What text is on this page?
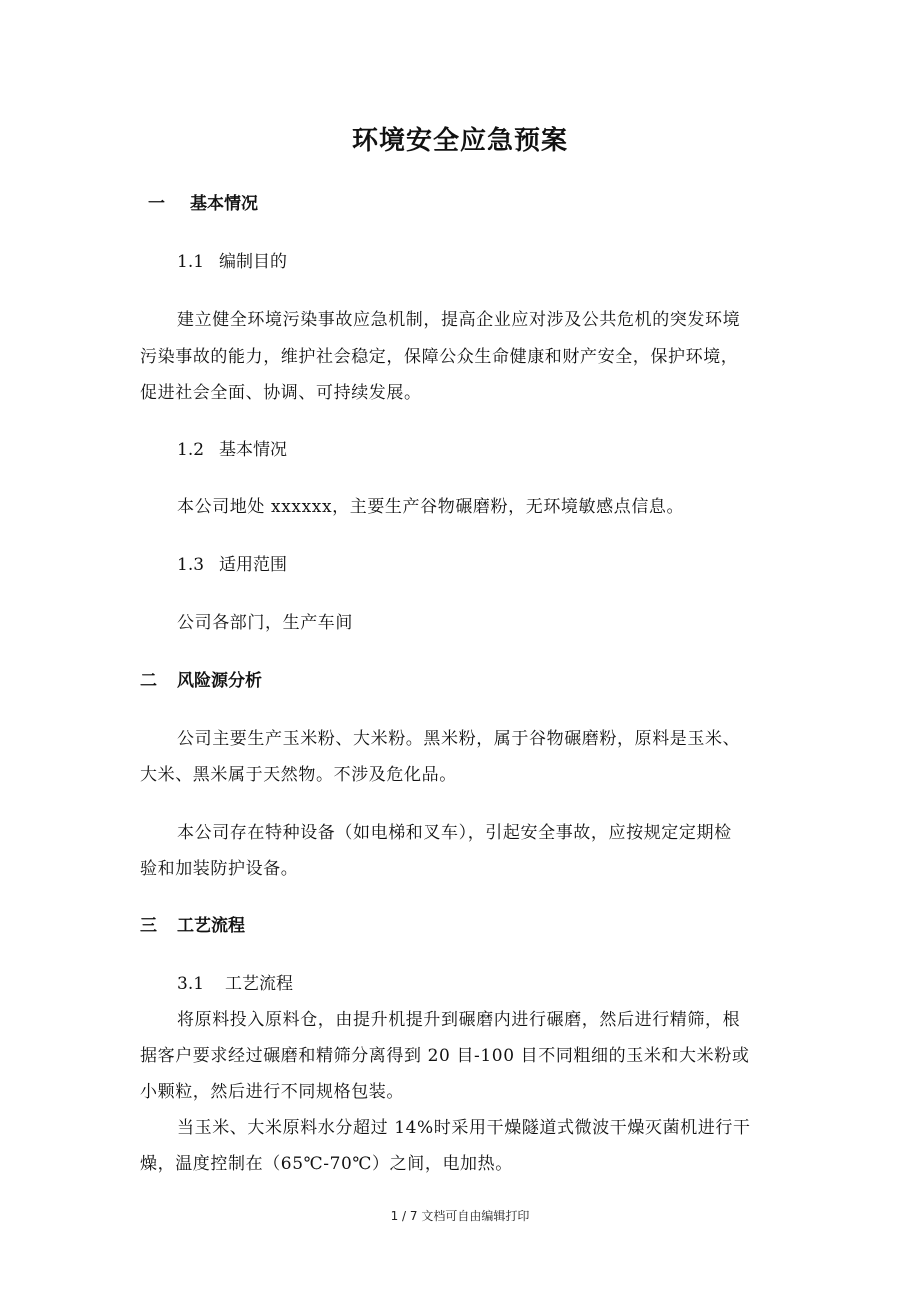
环境安全应急预案
一 基本情况
1.1 编制目的

建立健全环境污染事故应急机制，提高企业应对涉及公共危机的突发环境

污染事故的能力，维护社会稳定，保障公众生命健康和财产安全，保护环境，

促进社会全面、协调、可持续发展。

1.2 基本情况

本公司地处 xxxxxx，主要生产谷物碾磨粉，无环境敏感点信息。

1.3 适用范围

公司各部门，生产车间

二 风险源分析

公司主要生产玉米粉、大米粉。黑米粉，属于谷物碾磨粉，原料是玉米、

大米、黑米属于天然物。不涉及危化品。

本公司存在特种设备（如电梯和叉车），引起安全事故，应按规定定期检

验和加装防护设备。

三 工艺流程
3.1 工艺流程

将原料投入原料仓，由提升机提升到碾磨内进行碾磨，然后进行精筛，根

据客户要求经过碾磨和精筛分离得到 20 目-100 目不同粗细的玉米和大米粉或

小颗粒，然后进行不同规格包装。

当玉米、大米原料水分超过 14%时采用干燥隧道式微波干燥灭菌机进行干

燥，温度控制在（65℃-70℃）之间，电加热。

1 / 7 文档可自由编辑打印
